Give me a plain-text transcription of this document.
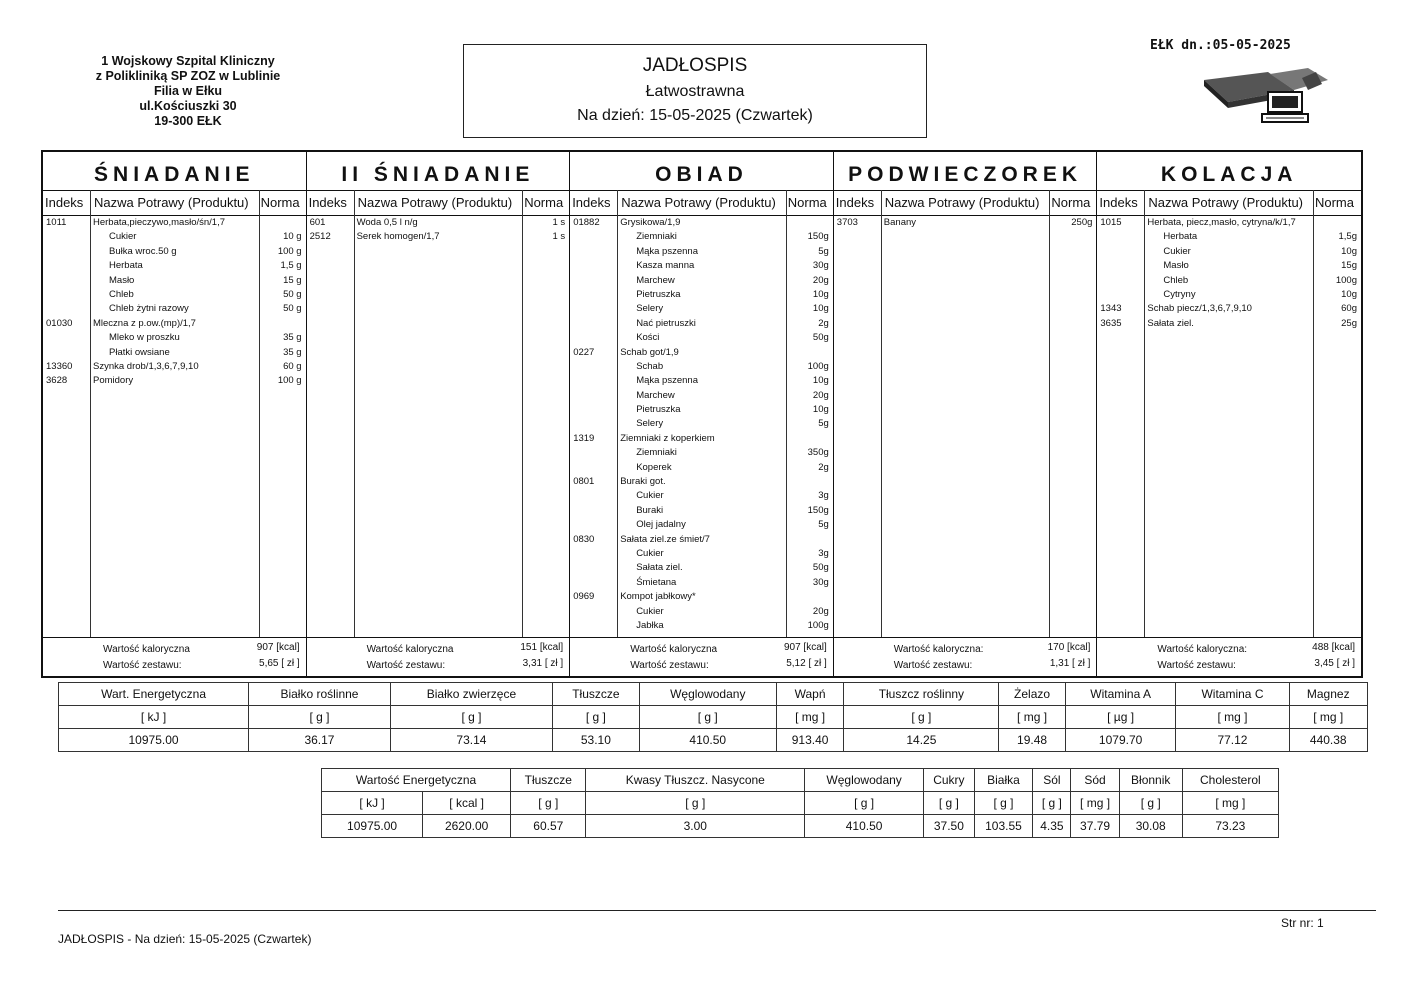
1 Wojskowy Szpital Kliniczny
z Polikliniką SP ZOZ w Lublinie
Filia w Ełku
ul.Kościuszki 30
19-300 EŁK
JADŁOSPIS
Łatwostrawna
Na dzień: 15-05-2025 (Czwartek)
EŁK dn.:05-05-2025
ŚNIADANIE
Indeks Nazwa Potrawy (Produktu) Norma
1011	Herbata,pieczywo,masło/śn/1,7
Cukier	10 g
Bułka wroc.50 g	100 g
Herbata	1,5 g
Masło	15 g
Chleb	50 g
Chleb żytni razowy	50 g
01030 Mleczna z p.ow.(mp)/1,7
Mleko w proszku	35 g
Płatki owsiane	35 g
13360 Szynka drob/1,3,6,7,9,10	60 g
3628	Pomidory	100 g
Wartość kaloryczna	907 [kcal]
Wartość zestawu:	5,65 [ zł ]
II ŚNIADANIE
Indeks Nazwa Potrawy (Produktu) Norma
601	Woda 0,5 l n/g	1 s
2512	Serek homogen/1,7	1 s
Wartość kaloryczna	151 [kcal]
Wartość zestawu:	3,31 [ zł ]
OBIAD
Indeks Nazwa Potrawy (Produktu) Norma
01882 Grysikowa/1,9
Ziemniaki	150g
Mąka pszenna	5g
Kasza manna	30g
Marchew	20g
Pietruszka	10g
Selery	10g
Nać pietruszki	2g
Kości	50g
0227	Schab got/1,9
Schab	100g
Mąka pszenna	10g
Marchew	20g
Pietruszka	10g
Selery	5g
1319	Ziemniaki z koperkiem
Ziemniaki	350g
Koperek	2g
0801	Buraki got.
Cukier	3g
Buraki	150g
Olej jadalny	5g
0830	Sałata ziel.ze śmiet/7
Cukier	3g
Sałata ziel.	50g
Śmietana	30g
0969	Kompot jabłkowy*
Cukier	20g
Jabłka	100g
Wartość kaloryczna	907 [kcal]
Wartość zestawu:	5,12 [ zł ]
PODWIECZOREK
Indeks Nazwa Potrawy (Produktu) Norma
3703	Banany	250g
Wartość kaloryczna:	170 [kcal]
Wartość zestawu:	1,31 [ zł ]
KOLACJA
Indeks Nazwa Potrawy (Produktu) Norma
1015	Herbata, piecz,masło, cytryna/k/1,7
Herbata	1,5g
Cukier	10g
Masło	15g
Chleb	100g
Cytryny	10g
1343	Schab piecz/1,3,6,7,9,10	60g
3635	Sałata ziel.	25g
Wartość kaloryczna:	488 [kcal]
Wartość zestawu:	3,45 [ zł ]
Wart. Energetyczna	Białko roślinne	Białko zwierzęce	Tłuszcze	Węglowodany	Wapń	Tłuszcz roślinny	Żelazo	Witamina A	Witamina C	Magnez
[ kJ ]	[ g ]	[ g ]	[ g ]	[ g ]	[ mg ]	[ g ]	[ mg ]	[ µg ]	[ mg ]	[ mg ]
10975.00	36.17	73.14	53.10	410.50	913.40	14.25	19.48	1079.70	77.12	440.38
Wartość Energetyczna		Tłuszcze	Kwasy Tłuszcz. Nasycone	Węglowodany	Cukry	Białka	Sól	Sód	Błonnik	Cholesterol
[ kJ ]	[ kcal ]	[ g ]	[ g ]	[ g ]	[ g ]	[ g ]	[ g ]	[ mg ]	[ g ]	[ mg ]
10975.00	2620.00	60.57	3.00	410.50	37.50	103.55	4.35	37.79	30.08	73.23
JADŁOSPIS - Na dzień: 15-05-2025 (Czwartek)
Str nr: 1
